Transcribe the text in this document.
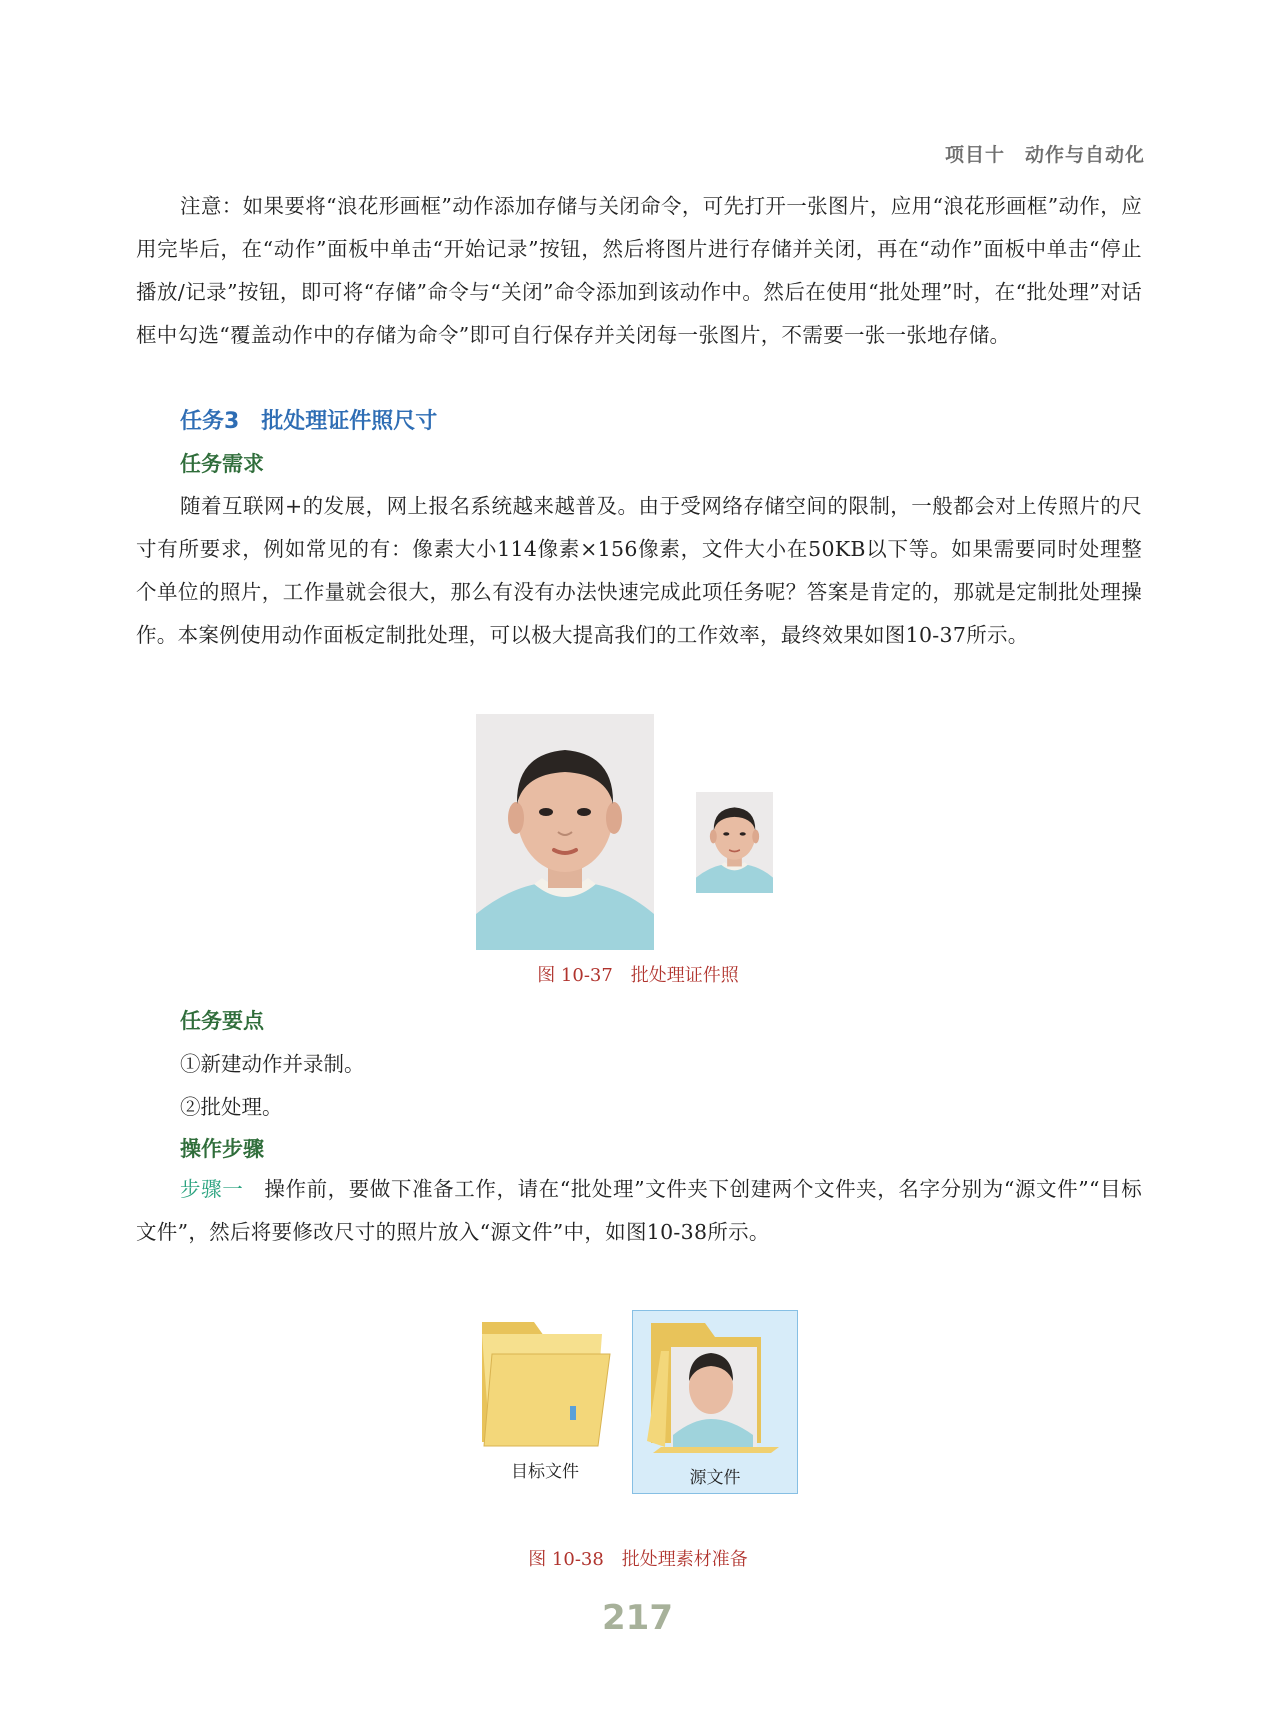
项目十　动作与自动化
注意：如果要将“浪花形画框”动作添加存储与关闭命令，可先打开一张图片，应用“浪花形画框”动作，应用完毕后，在“动作”面板中单击“开始记录”按钮，然后将图片进行存储并关闭，再在“动作”面板中单击“停止播放/记录”按钮，即可将“存储”命令与“关闭”命令添加到该动作中。然后在使用“批处理”时，在“批处理”对话框中勾选“覆盖动作中的存储为命令”即可自行保存并关闭每一张图片，不需要一张一张地存储。
任务3　批处理证件照尺寸
任务需求
随着互联网+的发展，网上报名系统越来越普及。由于受网络存储空间的限制，一般都会对上传照片的尺寸有所要求，例如常见的有：像素大小114像素×156像素，文件大小在50KB以下等。如果需要同时处理整个单位的照片，工作量就会很大，那么有没有办法快速完成此项任务呢？答案是肯定的，那就是定制批处理操作。本案例使用动作面板定制批处理，可以极大提高我们的工作效率，最终效果如图10-37所示。
图 10-37　批处理证件照
任务要点
①新建动作并录制。
②批处理。
操作步骤
步骤一　操作前，要做下准备工作，请在“批处理”文件夹下创建两个文件夹，名字分别为“源文件”“目标文件”，然后将要修改尺寸的照片放入“源文件”中，如图10-38所示。
目标文件	源文件
图 10-38　批处理素材准备
217
